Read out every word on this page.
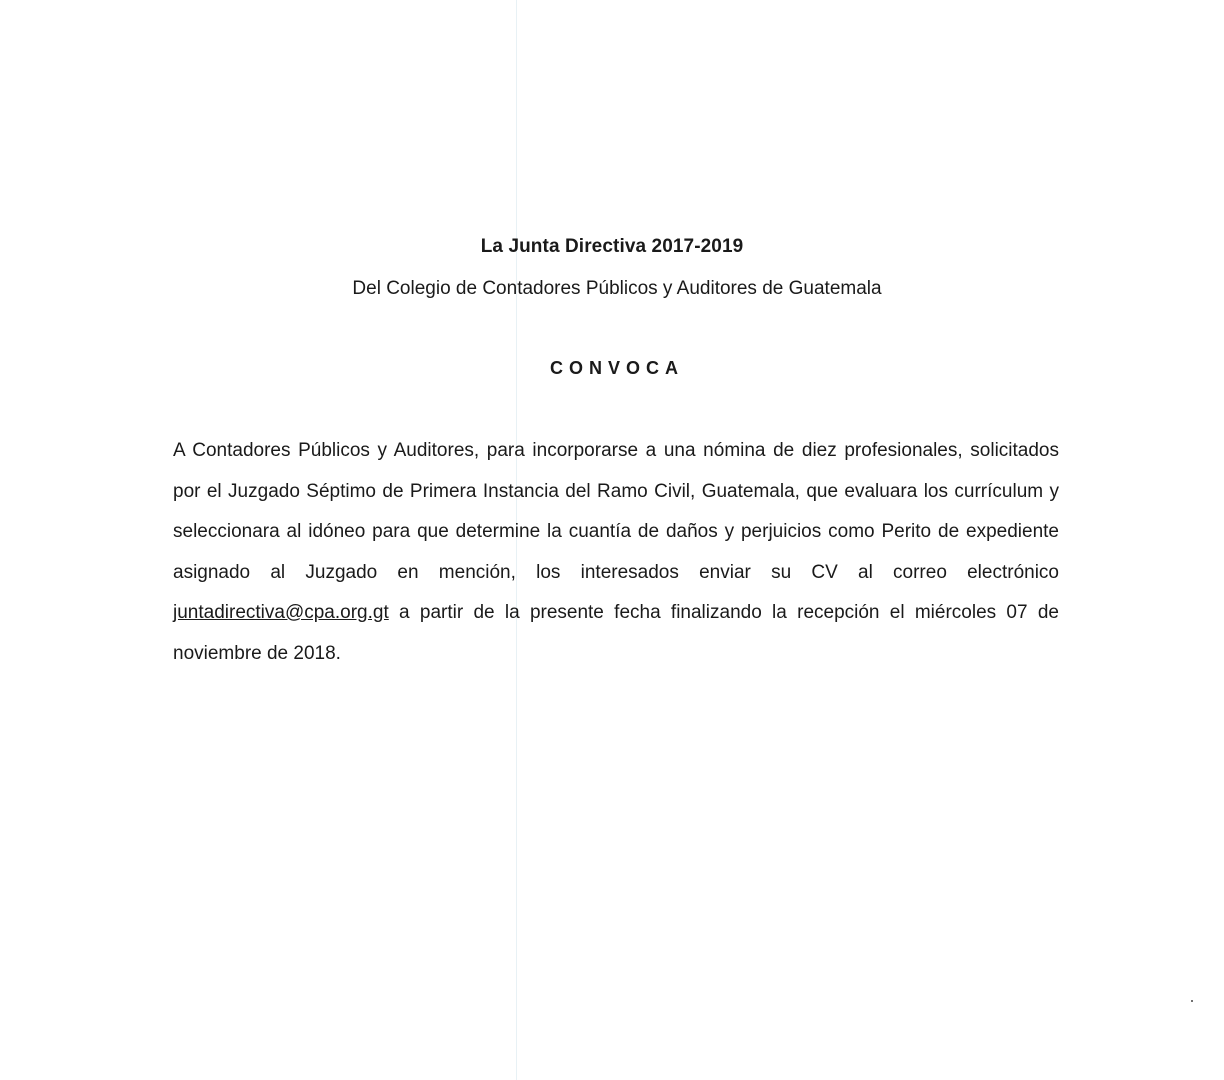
La Junta Directiva 2017-2019
Del Colegio de Contadores Públicos y Auditores de Guatemala
CONVOCA
A Contadores Públicos y Auditores, para incorporarse a una nómina de diez profesionales, solicitados por el Juzgado Séptimo de Primera Instancia del Ramo Civil, Guatemala, que evaluara los currículum y seleccionara al idóneo para que determine la cuantía de daños y perjuicios como Perito de expediente asignado al Juzgado en mención, los interesados enviar su CV al correo electrónico juntadirectiva@cpa.org.gt a partir de la presente fecha finalizando la recepción el miércoles 07 de noviembre de 2018.
